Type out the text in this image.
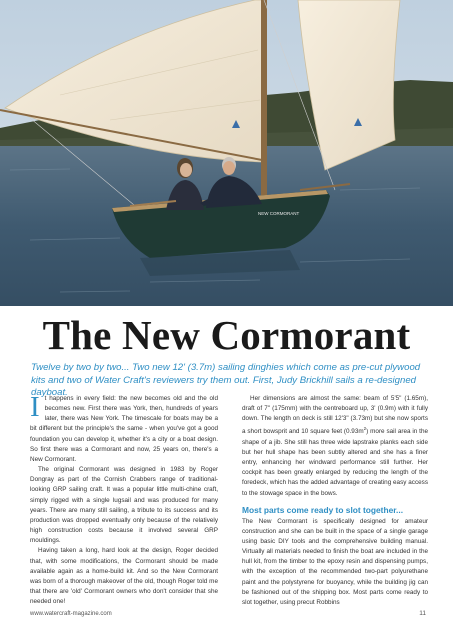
NEW CORMORANT
The New Cormorant

Twelve by two by two... Two new 12' (3.7m) sailing dinghies which come as pre-cut plywood kits and two of Water Craft's reviewers try them out. First, Judy Brickhill sails a re-designed dayboat.

It happens in every field: the new becomes old and the old becomes new. First there was York, then, hundreds of years later, there was New York. The timescale for boats may be a bit different but the principle's the same - when you've got a good foundation you can develop it, whether it's a city or a boat design. So first there was a Cormorant and now, 25 years on, there's a New Cormorant.

The original Cormorant was designed in 1983 by Roger Dongray as part of the Cornish Crabbers range of traditional-looking GRP sailing craft. It was a popular little multi-chine craft, simply rigged with a single lugsail and was produced for many years. There are many still sailing, a tribute to its success and its production was dropped eventually only because of the relatively high construction costs because it involved several GRP mouldings.

Having taken a long, hard look at the design, Roger decided that, with some modifications, the Cormorant should be made available again as a home-build kit. And so the New Cormorant was born of a thorough makeover of the old, though Roger told me that there are 'old' Cormorant owners who don't consider that she needed one!

Her dimensions are almost the same: beam of 5'5" (1.65m), draft of 7" (175mm) with the centreboard up, 3' (0.9m) with it fully down. The length on deck is still 12'3" (3.73m) but she now sports a short bowsprit and 10 square feet $(0.93m^2)$ more sail area in the shape of a jib. She still has three wide lapstrake planks each side but her hull shape has been subtly altered and she has a finer entry, enhancing her windward performance still further. Her cockpit has been greatly enlarged by reducing the length of the foredeck, which has the added advantage of creating easy access to the stowage space in the bows.

Most parts come ready to slot together...

The New Cormorant is specifically designed for amateur construction and she can be built in the space of a single garage using basic DIY tools and the comprehensive building manual. Virtually all materials needed to finish the boat are included in the hull kit, from the timber to the epoxy resin and dispensing pumps, with the exception of the recommended two-part polyurethane paint and the polystyrene for buoyancy, while the building jig can be fashioned out of the shipping box. Most parts come ready to slot together, using precut Robbins

www.watercraft-magazine.com	11
